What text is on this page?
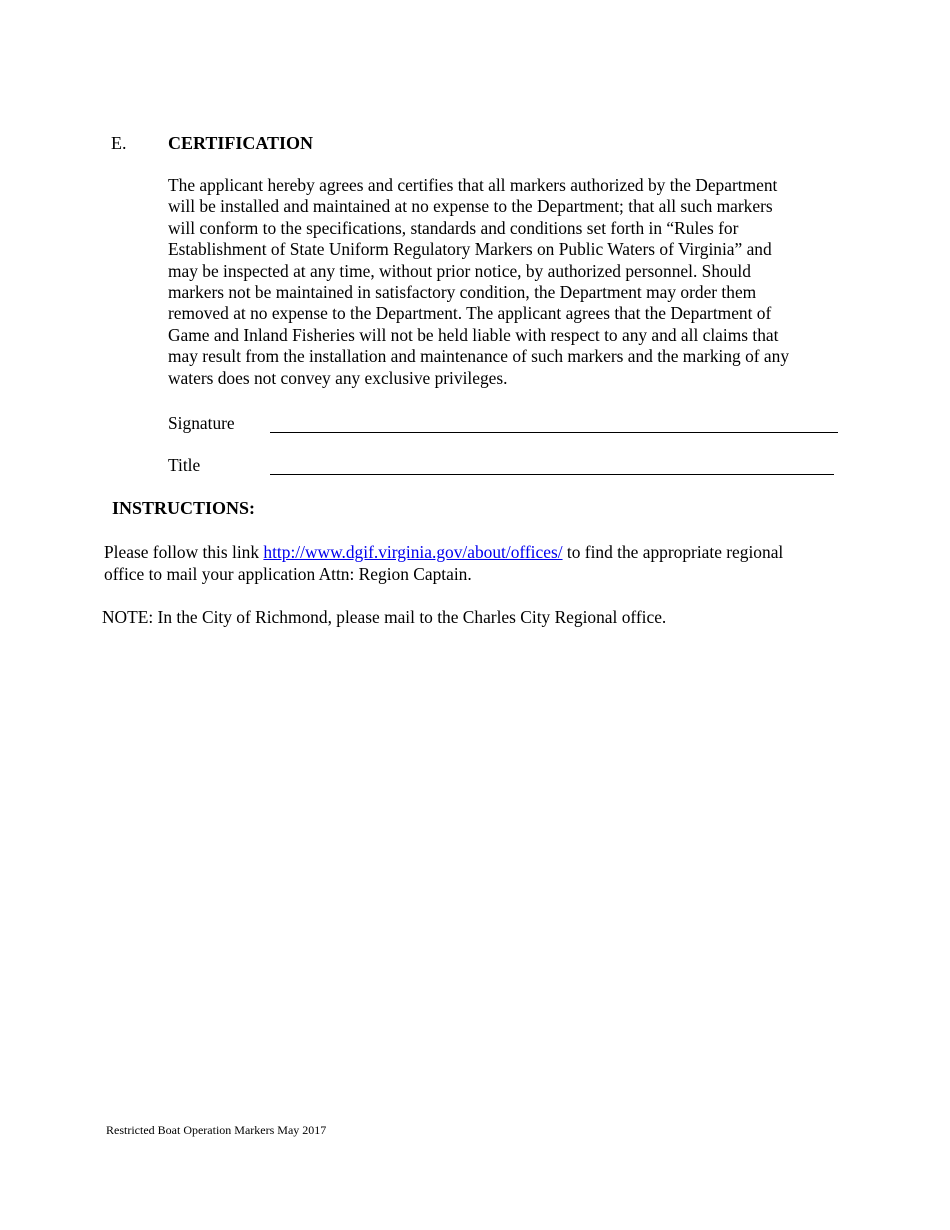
E. CERTIFICATION

The applicant hereby agrees and certifies that all markers authorized by the Department
will be installed and maintained at no expense to the Department; that all such markers
will conform to the specifications, standards and conditions set forth in “Rules for
Establishment of State Uniform Regulatory Markers on Public Waters of Virginia” and
may be inspected at any time, without prior notice, by authorized personnel. Should
markers not be maintained in satisfactory condition, the Department may order them
removed at no expense to the Department. The applicant agrees that the Department of
Game and Inland Fisheries will not be held liable with respect to any and all claims that
may result from the installation and maintenance of such markers and the marking of any
waters does not convey any exclusive privileges.

Signature
Title
INSTRUCTIONS:

Please follow this link http://www.dgif.virginia.gov/about/offices/ to find the appropriate regional
office to mail your application Attn: Region Captain.

NOTE: In the City of Richmond, please mail to the Charles City Regional office.
Restricted Boat Operation Markers May 2017
